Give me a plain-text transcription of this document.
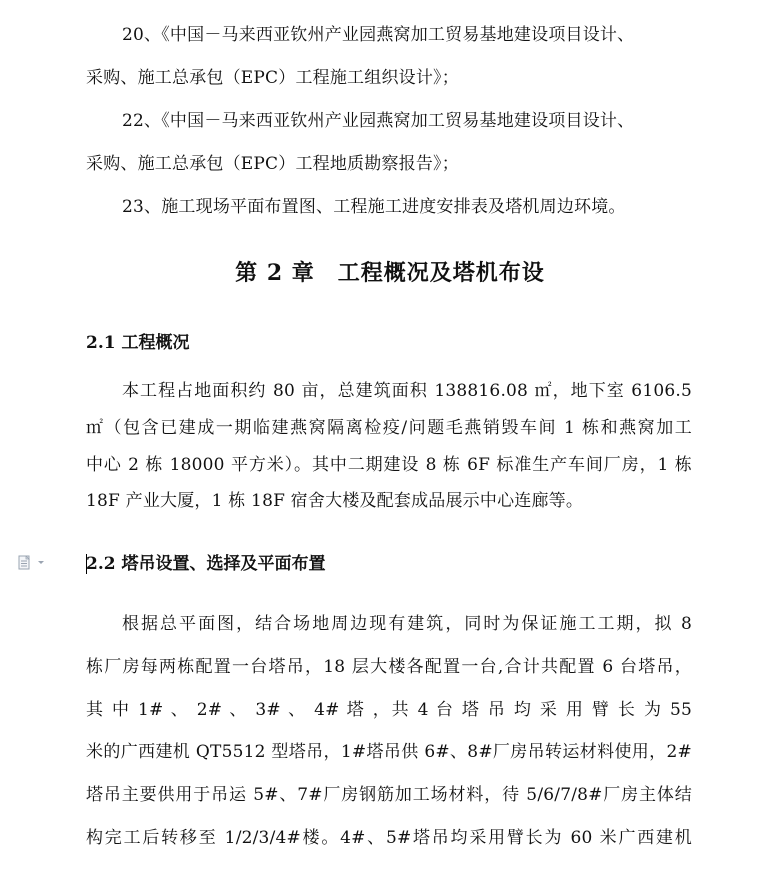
20、《中国－马来西亚钦州产业园燕窝加工贸易基地建设项目设计、
采购、施工总承包（EPC）工程施工组织设计》；
22、《中国－马来西亚钦州产业园燕窝加工贸易基地建设项目设计、
采购、施工总承包（EPC）工程地质勘察报告》；
23、施工现场平面布置图、工程施工进度安排表及塔机周边环境。
第 2 章　工程概况及塔机布设
2.1 工程概况
本工程占地面积约 80 亩，总建筑面积 138816.08 ㎡，地下室 6106.5
㎡（包含已建成一期临建燕窝隔离检疫/问题毛燕销毁车间 1 栋和燕窝加工
中心 2 栋 18000 平方米）。其中二期建设 8 栋 6F 标准生产车间厂房，1 栋
18F 产业大厦，1 栋 18F 宿舍大楼及配套成品展示中心连廊等。
2.2 塔吊设置、选择及平面布置
根据总平面图，结合场地周边现有建筑，同时为保证施工工期，拟 8
栋厂房每两栋配置一台塔吊，18 层大楼各配置一台,合计共配置 6 台塔吊，
其 中 1# 、 2# 、 3# 、 4# 塔 ，共 4 台 塔 吊 均 采 用 臂 长 为 55
米的广西建机 QT5512 型塔吊，1#塔吊供 6#、8#厂房吊转运材料使用，2#
塔吊主要供用于吊运 5#、7#厂房钢筋加工场材料，待 5/6/7/8#厂房主体结
构完工后转移至 1/2/3/4#楼。4#、5#塔吊均采用臂长为 60 米广西建机
